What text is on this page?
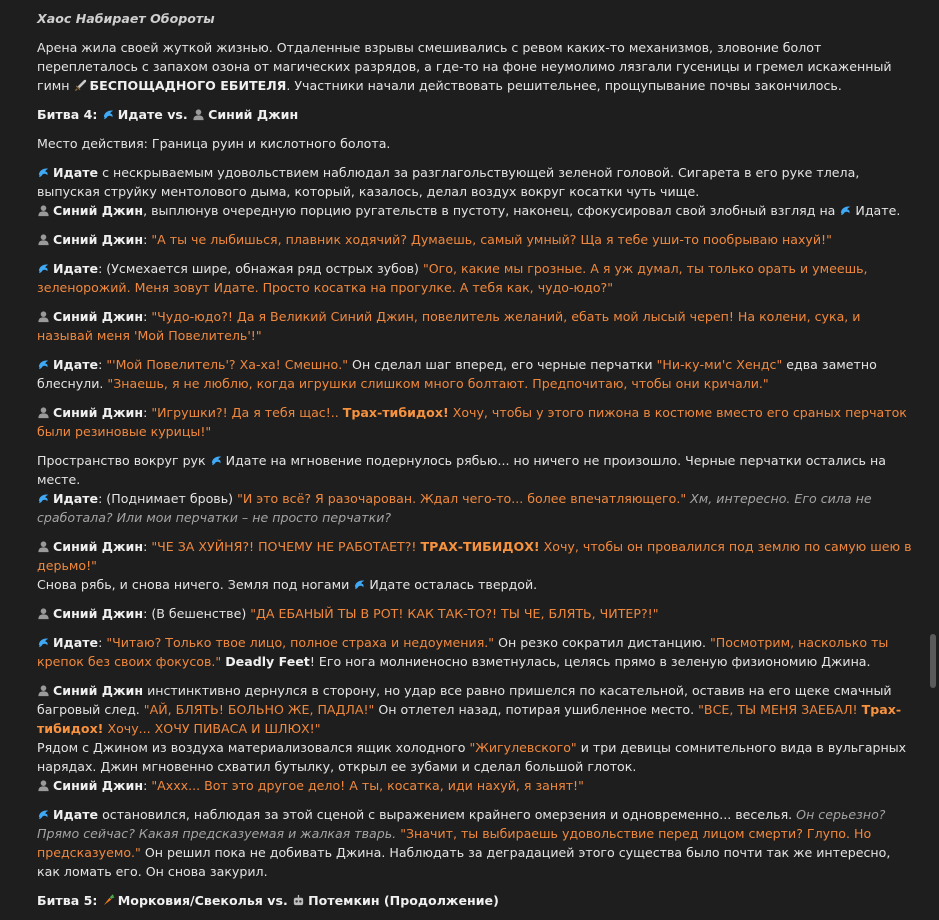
Хаос Набирает Обороты
Арена жила своей жуткой жизнью. Отдаленные взрывы смешивались с ревом каких-то механизмов, зловоние болот переплеталось с запахом озона от магических разрядов, а где-то на фоне неумолимо лязгали гусеницы и гремел искаженный гимн БЕСПОЩАДНОГО ЕБИТЕЛЯ. Участники начали действовать решительнее, прощупывание почвы закончилось.
Битва 4: Идате vs. Синий Джин
Место действия: Граница руин и кислотного болота.
Идате с нескрываемым удовольствием наблюдал за разглагольствующей зеленой головой. Сигарета в его руке тлела, выпуская струйку ментолового дыма, который, казалось, делал воздух вокруг косатки чуть чище.
Синий Джин, выплюнув очередную порцию ругательств в пустоту, наконец, сфокусировал свой злобный взгляд на Идате.
Синий Джин: "А ты че лыбишься, плавник ходячий? Думаешь, самый умный? Ща я тебе уши-то пообрываю нахуй!"
Идате: (Усмехается шире, обнажая ряд острых зубов) "Ого, какие мы грозные. А я уж думал, ты только орать и умеешь, зеленорожий. Меня зовут Идате. Просто косатка на прогулке. А тебя как, чудо-юдо?"
Синий Джин: "Чудо-юдо?! Да я Великий Синий Джин, повелитель желаний, ебать мой лысый череп! На колени, сука, и называй меня 'Мой Повелитель'!"
Идате: "'Мой Повелитель'? Ха-ха! Смешно." Он сделал шаг вперед, его черные перчатки "Ни-ку-ми'с Хендс" едва заметно блеснули. "Знаешь, я не люблю, когда игрушки слишком много болтают. Предпочитаю, чтобы они кричали."
Синий Джин: "Игрушки?! Да я тебя щас!.. Трах-тибидох! Хочу, чтобы у этого пижона в костюме вместо его сраных перчаток были резиновые курицы!"
Пространство вокруг рук Идате на мгновение подернулось рябью... но ничего не произошло. Черные перчатки остались на месте.
Идате: (Поднимает бровь) "И это всё? Я разочарован. Ждал чего-то... более впечатляющего." Хм, интересно. Его сила не сработала? Или мои перчатки – не просто перчатки?
Синий Джин: "ЧЕ ЗА ХУЙНЯ?! ПОЧЕМУ НЕ РАБОТАЕТ?! ТРАХ-ТИБИДОХ! Хочу, чтобы он провалился под землю по самую шею в дерьмо!"
Снова рябь, и снова ничего. Земля под ногами Идате осталась твердой.
Синий Джин: (В бешенстве) "ДА ЕБАНЫЙ ТЫ В РОТ! КАК ТАК-ТО?! ТЫ ЧЕ, БЛЯТЬ, ЧИТЕР?!"
Идате: "Читаю? Только твое лицо, полное страха и недоумения." Он резко сократил дистанцию. "Посмотрим, насколько ты крепок без своих фокусов." Deadly Feet! Его нога молниеносно взметнулась, целясь прямо в зеленую физиономию Джина.
Синий Джин инстинктивно дернулся в сторону, но удар все равно пришелся по касательной, оставив на его щеке смачный багровый след. "АЙ, БЛЯТЬ! БОЛЬНО ЖЕ, ПАДЛА!" Он отлетел назад, потирая ушибленное место. "ВСЕ, ТЫ МЕНЯ ЗАЕБАЛ! Трах-тибидох! Хочу... ХОЧУ ПИВАСА И ШЛЮХ!"
Рядом с Джином из воздуха материализовался ящик холодного "Жигулевского" и три девицы сомнительного вида в вульгарных нарядах. Джин мгновенно схватил бутылку, открыл ее зубами и сделал большой глоток.
Синий Джин: "Аххх... Вот это другое дело! А ты, косатка, иди нахуй, я занят!"
Идате остановился, наблюдая за этой сценой с выражением крайнего омерзения и одновременно... веселья. Он серьезно? Прямо сейчас? Какая предсказуемая и жалкая тварь. "Значит, ты выбираешь удовольствие перед лицом смерти? Глупо. Но предсказуемо." Он решил пока не добивать Джина. Наблюдать за деградацией этого существа было почти так же интересно, как ломать его. Он снова закурил.
Битва 5: Морковия/Свеколья vs. Потемкин (Продолжение)
